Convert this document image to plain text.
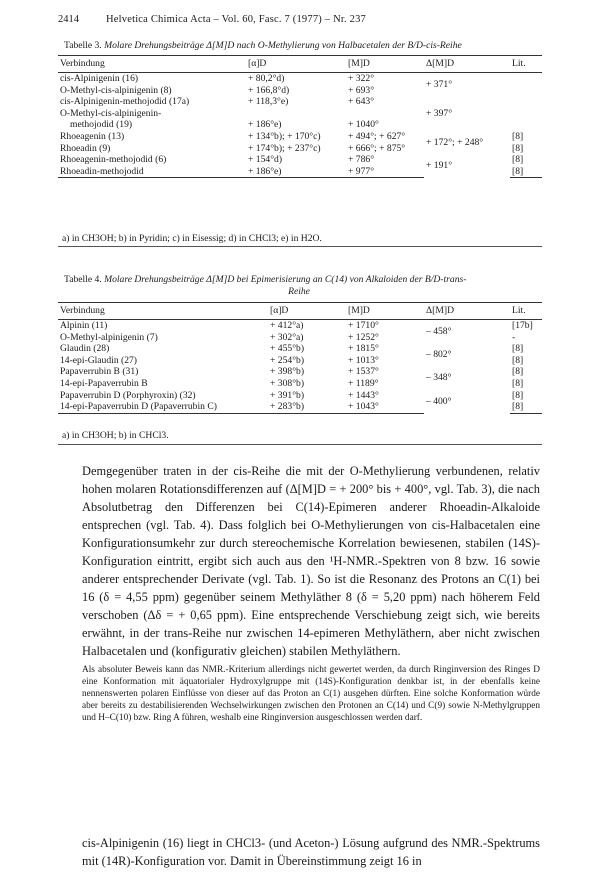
2414	Helvetica Chimica Acta – Vol. 60, Fasc. 7 (1977) – Nr. 237
Tabelle 3. Molare Drehungsbeiträge Δ[M]D nach O-Methylierung von Halbacetalen der B/D-cis-Reihe
Verbindung	[α]D	[M]D	Δ[M]D	Lit.
cis-Alpinigenin (16)	+ 80,2°d)	+ 322°	+ 371°	
O-Methyl-cis-alpinigenin (8)	+ 166,8°d)	+ 693°		
cis-Alpinigenin-methojodid (17a)	+ 118,3°e)	+ 643°	+ 397°	
O-Methyl-cis-alpinigenin-				
methojodid (19)	+ 186°e)	+ 1040°		
Rhoeagenin (13)	+ 134°b); + 170°c)	+ 494°; + 627°	+ 172°; + 248°	[8]
Rhoeadin (9)	+ 174°b); + 237°c)	+ 666°; + 875°		[8]
Rhoeagenin-methojodid (6)	+ 154°d)	+ 786°	+ 191°	[8]
Rhoeadin-methojodid	+ 186°e)	+ 977°		[8]
a) in CH3OH; b) in Pyridin; c) in Eisessig; d) in CHCl3; e) in H2O.
Tabelle 4. Molare Drehungsbeiträge Δ[M]D bei Epimerisierung an C(14) von Alkaloiden der B/D-trans-
Reihe
Verbindung	[α]D	[M]D	Δ[M]D	Lit.
Alpinin (11)	+ 412°a)	+ 1710°	– 458°	[17b]
O-Methyl-alpinigenin (7)	+ 302°a)	+ 1252°		-
Glaudin (28)	+ 455°b)	+ 1815°	– 802°	[8]
14-epi-Glaudin (27)	+ 254°b)	+ 1013°		[8]
Papaverrubin B (31)	+ 398°b)	+ 1537°	– 348°	[8]
14-epi-Papaverrubin B	+ 308°b)	+ 1189°		[8]
Papaverrubin D (Porphyroxin) (32)	+ 391°b)	+ 1443°	– 400°	[8]
14-epi-Papaverrubin D (Papaverrubin C)	+ 283°b)	+ 1043°		[8]
a) in CH3OH; b) in CHCl3.
Demgegenüber traten in der cis-Reihe die mit der O-Methylierung verbundenen, relativ hohen molaren Rotationsdifferenzen auf (Δ[M]D = + 200° bis + 400°, vgl. Tab. 3), die nach Absolutbetrag den Differenzen bei C(14)-Epimeren anderer Rhoeadin-Alkaloide entsprechen (vgl. Tab. 4). Dass folglich bei O-Methylierungen von cis-Halbacetalen eine Konfigurationsumkehr zur durch stereochemische Korrelation bewiesenen, stabilen (14S)-Konfiguration eintritt, ergibt sich auch aus den ¹H-NMR.-Spektren von 8 bzw. 16 sowie anderer entsprechender Derivate (vgl. Tab. 1). So ist die Resonanz des Protons an C(1) bei 16 (δ = 4,55 ppm) gegenüber seinem Methyläther 8 (δ = 5,20 ppm) nach höherem Feld verschoben (Δδ = + 0,65 ppm). Eine entsprechende Verschiebung zeigt sich, wie bereits erwähnt, in der trans-Reihe nur zwischen 14-epimeren Methyläthern, aber nicht zwischen Halbacetalen und (konfigurativ gleichen) stabilen Methyläthern.
Als absoluter Beweis kann das NMR.-Kriterium allerdings nicht gewertet werden, da durch Ringinversion des Ringes D eine Konformation mit äquatorialer Hydroxylgruppe mit (14S)-Konfiguration denkbar ist, in der ebenfalls keine nennenswerten polaren Einflüsse von dieser auf das Proton an C(1) ausgehen dürften. Eine solche Konformation würde aber bereits zu destabilisierenden Wechselwirkungen zwischen den Protonen an C(14) und C(9) sowie N-Methylgruppen und H–C(10) bzw. Ring A führen, weshalb eine Ringinversion ausgeschlossen werden darf.
cis-Alpinigenin (16) liegt in CHCl3- (und Aceton-) Lösung aufgrund des NMR.-Spektrums mit (14R)-Konfiguration vor. Damit in Übereinstimmung zeigt 16 in
